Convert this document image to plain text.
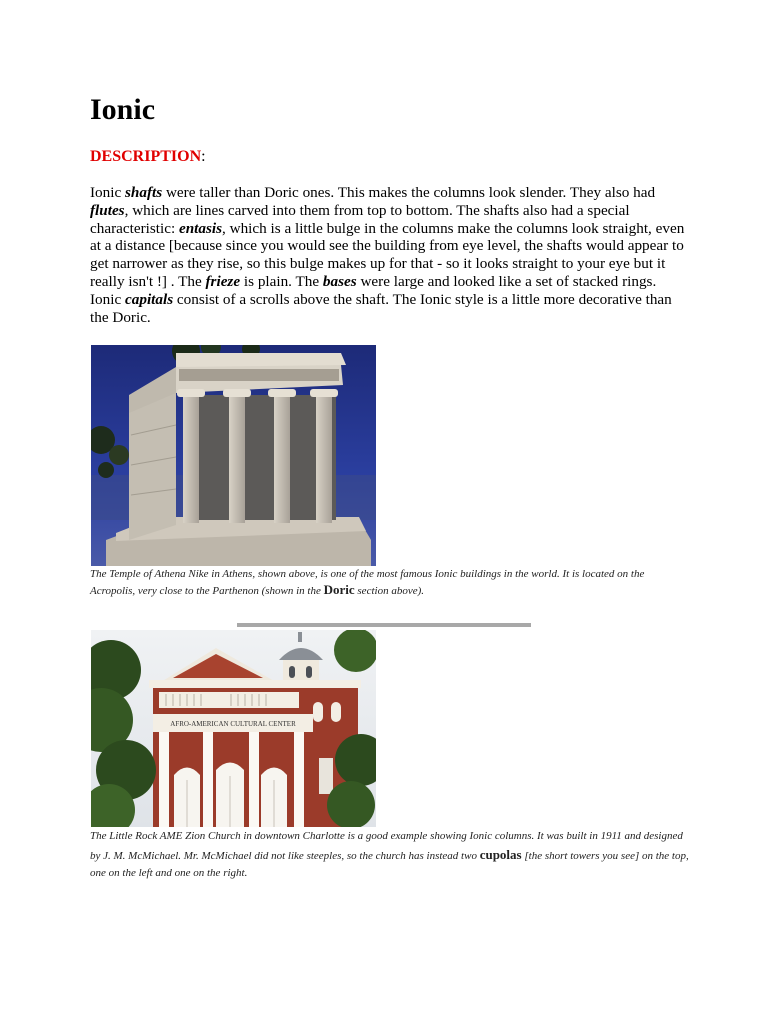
Ionic
DESCRIPTION:

Ionic shafts were taller than Doric ones. This makes the columns look slender. They also had flutes, which are lines carved into them from top to bottom. The shafts also had a special characteristic: entasis, which is a little bulge in the columns make the columns look straight, even at a distance [because since you would see the building from eye level, the shafts would appear to get narrower as they rise, so this bulge makes up for that - so it looks straight to your eye but it really isn't !] . The frieze is plain. The bases were large and looked like a set of stacked rings. Ionic capitals consist of a scrolls above the shaft. The Ionic style is a little more decorative than the Doric.

The Temple of Athena Nike in Athens, shown above, is one of the most famous Ionic buildings in the world. It is located on the Acropolis, very close to the Parthenon (shown in the Doric section above).

AFRO-AMERICAN CULTURAL CENTER

The Little Rock AME Zion Church in downtown Charlotte is a good example showing Ionic columns. It was built in 1911 and designed by J. M. McMichael. Mr. McMichael did not like steeples, so the church has instead two cupolas [the short towers you see] on the top, one on the left and one on the right.
